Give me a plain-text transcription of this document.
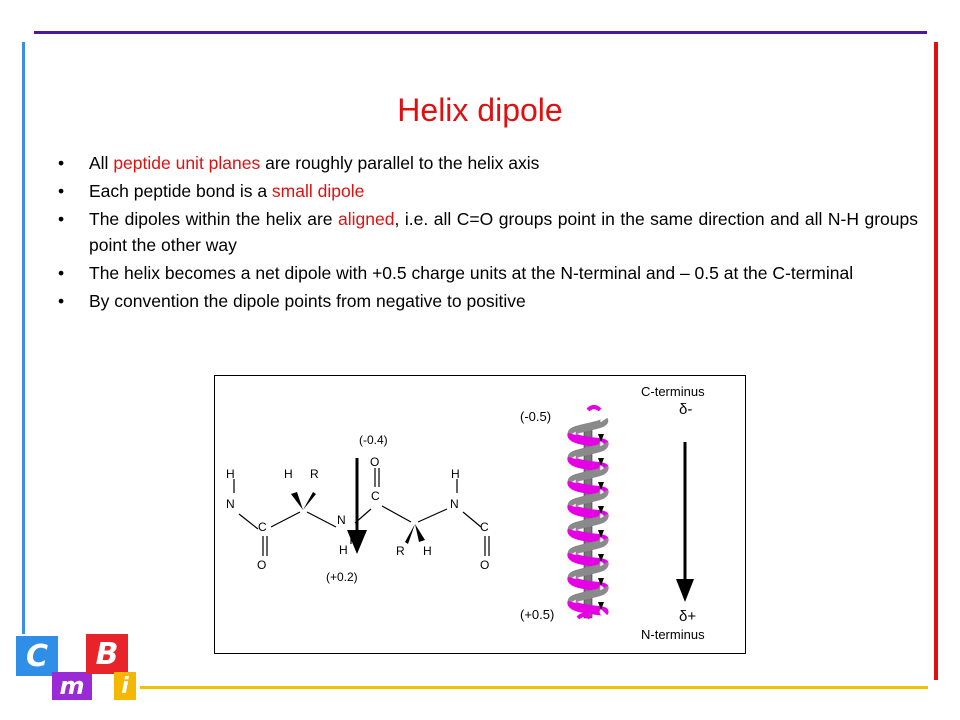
Helix dipole
• All peptide unit planes are roughly parallel to the helix axis
• Each peptide bond is a small dipole
• The dipoles within the helix are aligned, i.e. all C=O groups point in the same direction and all N-H groups point the other way
• The helix becomes a net dipole with +0.5 charge units at the N-terminal and – 0.5 at the C-terminal
• By convention the dipole points from negative to positive
H
N
C
O
H R
N
H
O
C
R H
H
N
C
O
(-0.4)
(+0.2)
(-0.5)
(+0.5)
C-terminus
δ-
δ+
N-terminus
C
m
B
i
